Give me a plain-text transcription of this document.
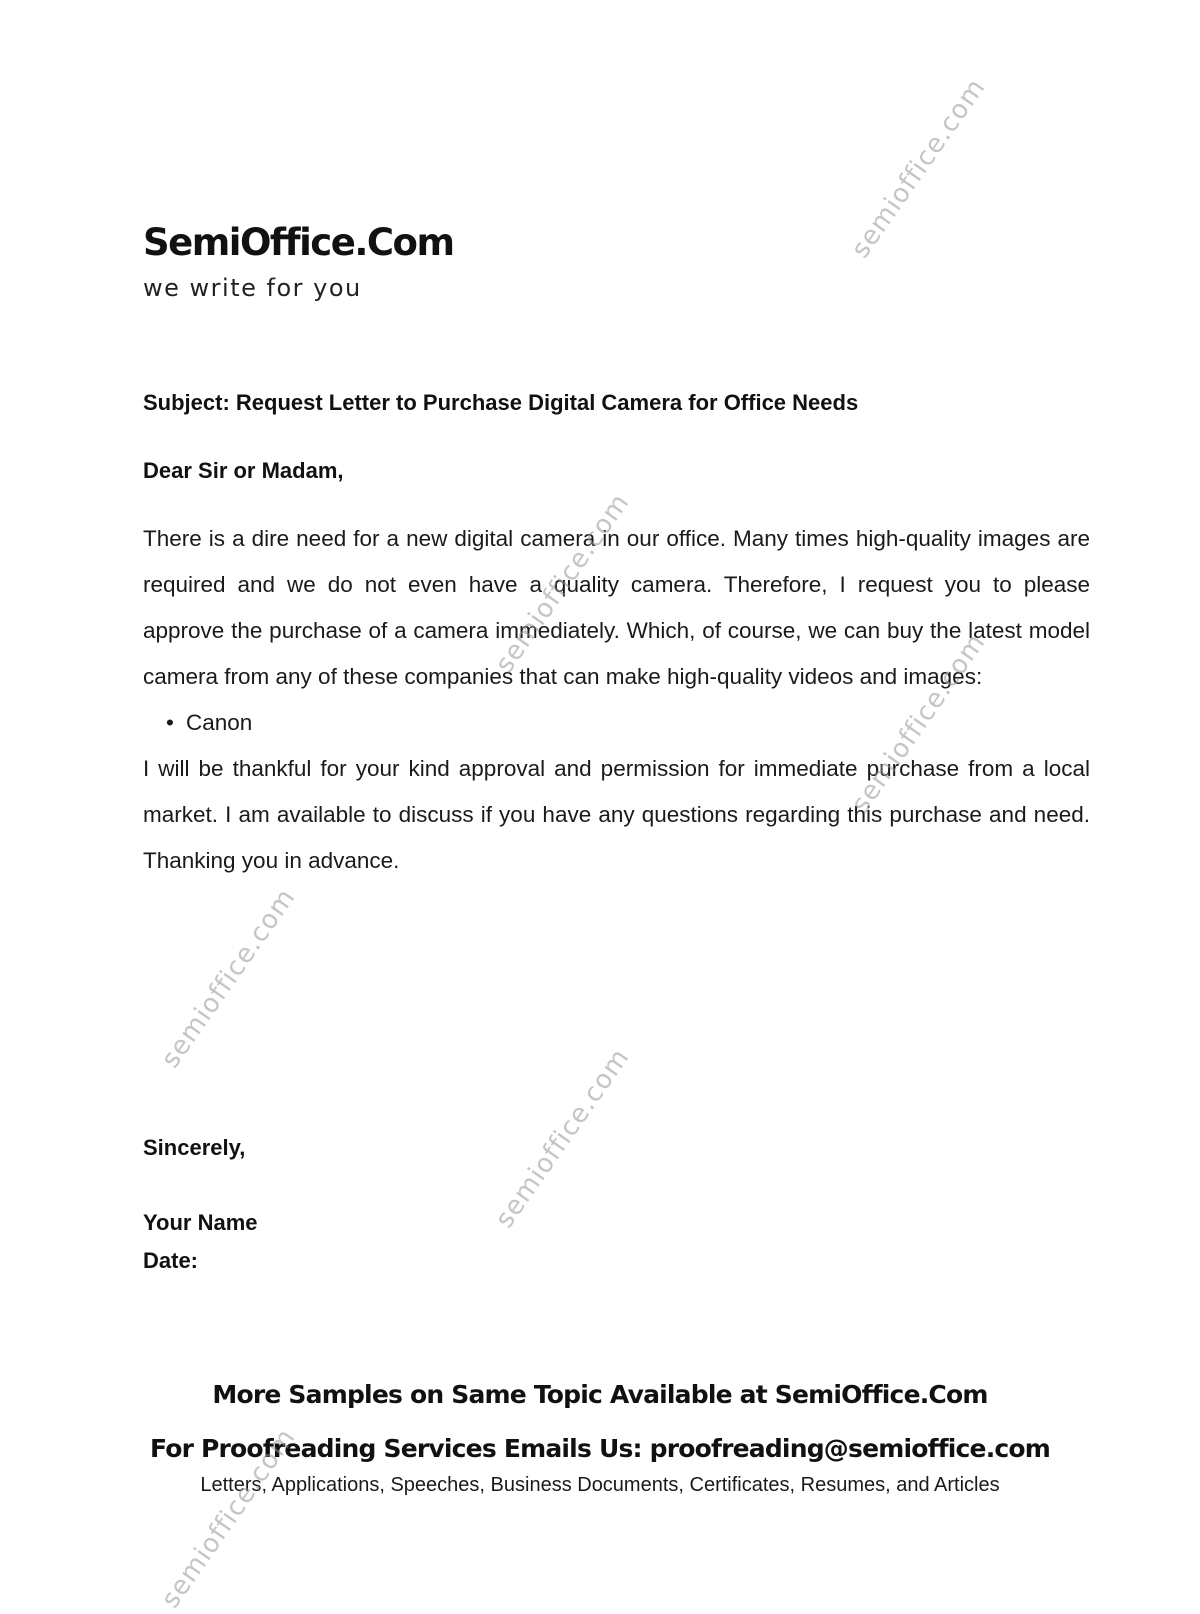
SemiOffice.Com
we write for you
Subject: Request Letter to Purchase Digital Camera for Office Needs
Dear Sir or Madam,

There is a dire need for a new digital camera in our office. Many times high-quality images are required and we do not even have a quality camera. Therefore, I request you to please approve the purchase of a camera immediately. Which, of course, we can buy the latest model camera from any of these companies that can make high-quality videos and images:

• Canon

I will be thankful for your kind approval and permission for immediate purchase from a local market. I am available to discuss if you have any questions regarding this purchase and need. Thanking you in advance.

Sincerely,
Your Name
Date:
More Samples on Same Topic Available at SemiOffice.Com
For Proofreading Services Emails Us: proofreading@semioffice.com
Letters, Applications, Speeches, Business Documents, Certificates, Resumes, and Articles
semioffice.com
semioffice.com
semioffice.com
semioffice.com
semioffice.com
semioffice.com
